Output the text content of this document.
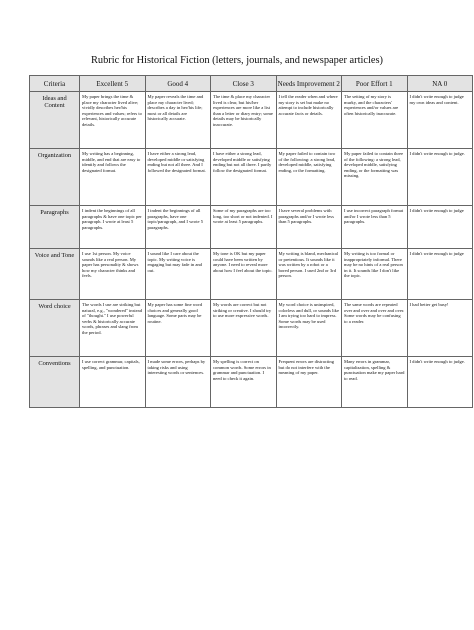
Rubric for Historical Fiction (letters, journals, and newspaper articles)
Criteria	Excellent 5	Good 4	Close 3	Needs Improvement 2	Poor Effort 1	NA 0
Ideas and Content	My paper brings the time & place my character lived alive; vividly describes her/his experiences and values; refers to relevant, historically accurate details.	My paper reveals the time and place my character lived; describes a day in her/his life; most or all details are historically accurate.	The time & place my character lived is clear, but his/her experiences are more like a list than a letter or diary entry; some details may be historically inaccurate.	I tell the reader when and where my story is set but make no attempt to include historically accurate facts or details.	The setting of my story is murky, and the characters' experiences and/or values are often historically inaccurate.	I didn't write enough to judge my own ideas and content.
Organization	My writing has a beginning, middle, and end that are easy to identify and follows the designated format.	I have either a strong lead, developed middle or satisfying ending but not all three. And I followed the designated format.	I have either a strong lead, developed middle or satisfying ending but not all three. I partly follow the designated format.	My paper failed to contain two of the following: a strong lead, developed middle, satisfying ending, or the formatting.	My paper failed to contain three of the following: a strong lead, developed middle, satisfying ending, or the formatting was missing.	I didn't write enough to judge.
Paragraphs	I indent the beginnings of all paragraphs & have one topic per paragraph. I wrote at least 5 paragraphs.	I indent the beginnings of all paragraphs, have one topic/paragraph, and I wrote 5 paragraphs.	Some of my paragraphs are too long, too short or not indented. I wrote at least 5 paragraphs.	I have several problems with paragraphs and/or I wrote less than 5 paragraphs.	I use incorrect paragraph format and/or I wrote less than 5 paragraphs.	I didn't write enough to judge
Voice and Tone	I use 1st person. My voice sounds like a real person. My paper has personality & shows how my character thinks and feels.	I sound like I care about the topic. My writing voice is engaging but may fade in and out.	My tone is OK but my paper could have been written by anyone. I need to reveal more about how I feel about the topic.	My writing is bland, mechanical or pretentious. It sounds like it was written by a robot or a bored person. I used 2nd or 3rd person.	My writing is too formal or inappropriately informal. There may be no hints of a real person in it. It sounds like I don't like the topic.	I didn't write enough to judge
Word choice	The words I use are striking but natural, e.g., "wondered" instead of "thought." I use powerful verbs & historically accurate words, phrases and slang from the period.	My paper has some fine word choices and generally good language. Some parts may be routine.	My words are correct but not striking or creative. I should try to use more expressive words.	My word choice is uninspired, colorless and dull, or sounds like I am trying too hard to impress. Some words may be used incorrectly.	The same words are repeated over and over and over and over. Some words may be confusing to a reader.	I had better get busy!
Conventions	I use correct grammar, capitals, spelling, and punctuation.	I made some errors, perhaps by taking risks and using interesting words or sentences.	My spelling is correct on common words. Some errors in grammar and punctuation. I need to check it again.	Frequent errors are distracting but do not interfere with the meaning of my paper.	Many errors in grammar, capitalization, spelling & punctuation make my paper hard to read.	I didn't write enough to judge.
